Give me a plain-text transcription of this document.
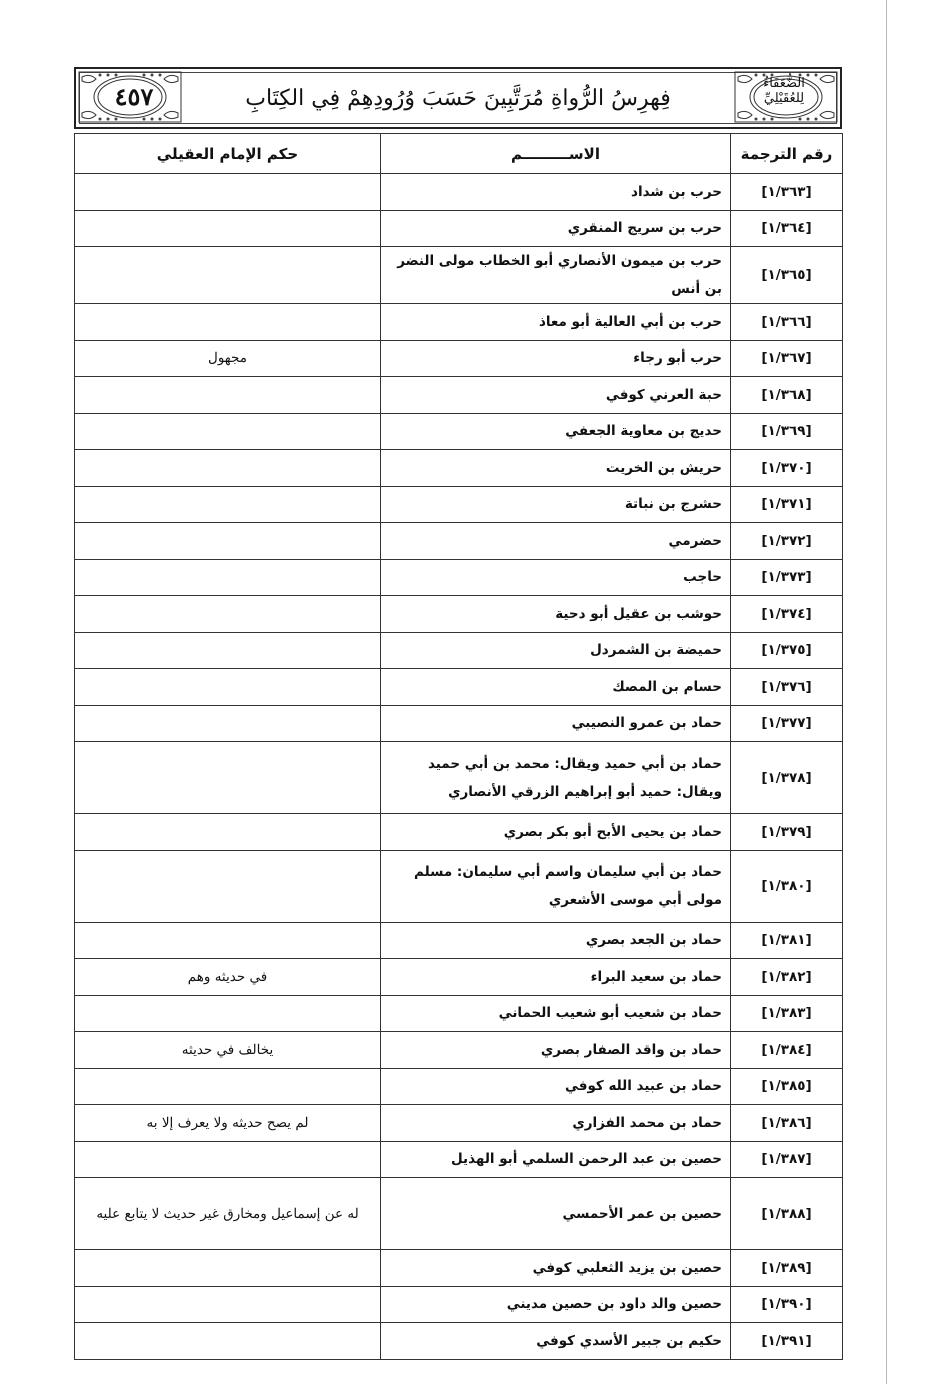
٤٥٧	فِهرِسُ الرُّواةِ مُرَتَّبِينَ حَسَبَ وُرُودِهِمْ فِي الكِتَابِ
الضُّعَفَاءُ لِلعُقَيْلِيِّ
رقم الترجمة	الاســـــــــم	حكم الإمام العقيلي
[١/٣٦٣]	حرب بن شداد	
[١/٣٦٤]	حرب بن سريج المنقري	
[١/٣٦٥]	حرب بن ميمون الأنصاري أبو الخطاب مولى النضر بن أنس	
[١/٣٦٦]	حرب بن أبي العالية أبو معاذ	
[١/٣٦٧]	حرب أبو رجاء	مجهول
[١/٣٦٨]	حبة العرني كوفي	
[١/٣٦٩]	حديج بن معاوية الجعفي	
[١/٣٧٠]	حريش بن الخريت	
[١/٣٧١]	حشرج بن نباتة	
[١/٣٧٢]	حضرمي	
[١/٣٧٣]	حاجب	
[١/٣٧٤]	حوشب بن عقيل أبو دحية	
[١/٣٧٥]	حميضة بن الشمردل	
[١/٣٧٦]	حسام بن المصك	
[١/٣٧٧]	حماد بن عمرو النصيبي	
[١/٣٧٨]	حماد بن أبي حميد ويقال: محمد بن أبي حميد ويقال: حميد أبو إبراهيم الزرقي الأنصاري	
[١/٣٧٩]	حماد بن يحيى الأبح أبو بكر بصري	
[١/٣٨٠]	حماد بن أبي سليمان واسم أبي سليمان: مسلم مولى أبي موسى الأشعري	
[١/٣٨١]	حماد بن الجعد بصري	
[١/٣٨٢]	حماد بن سعيد البراء	في حديثه وهم
[١/٣٨٣]	حماد بن شعيب أبو شعيب الحماني	
[١/٣٨٤]	حماد بن واقد الصفار بصري	يخالف في حديثه
[١/٣٨٥]	حماد بن عبيد الله كوفي	
[١/٣٨٦]	حماد بن محمد الفزاري	لم يصح حديثه ولا يعرف إلا به
[١/٣٨٧]	حصين بن عبد الرحمن السلمي أبو الهذيل	
[١/٣٨٨]	حصين بن عمر الأحمسي	له عن إسماعيل ومخارق غير حديث لا يتابع عليه
[١/٣٨٩]	حصين بن يزيد الثعلبي كوفي	
[١/٣٩٠]	حصين والد داود بن حصين مديني	
[١/٣٩١]	حكيم بن جبير الأسدي كوفي	
